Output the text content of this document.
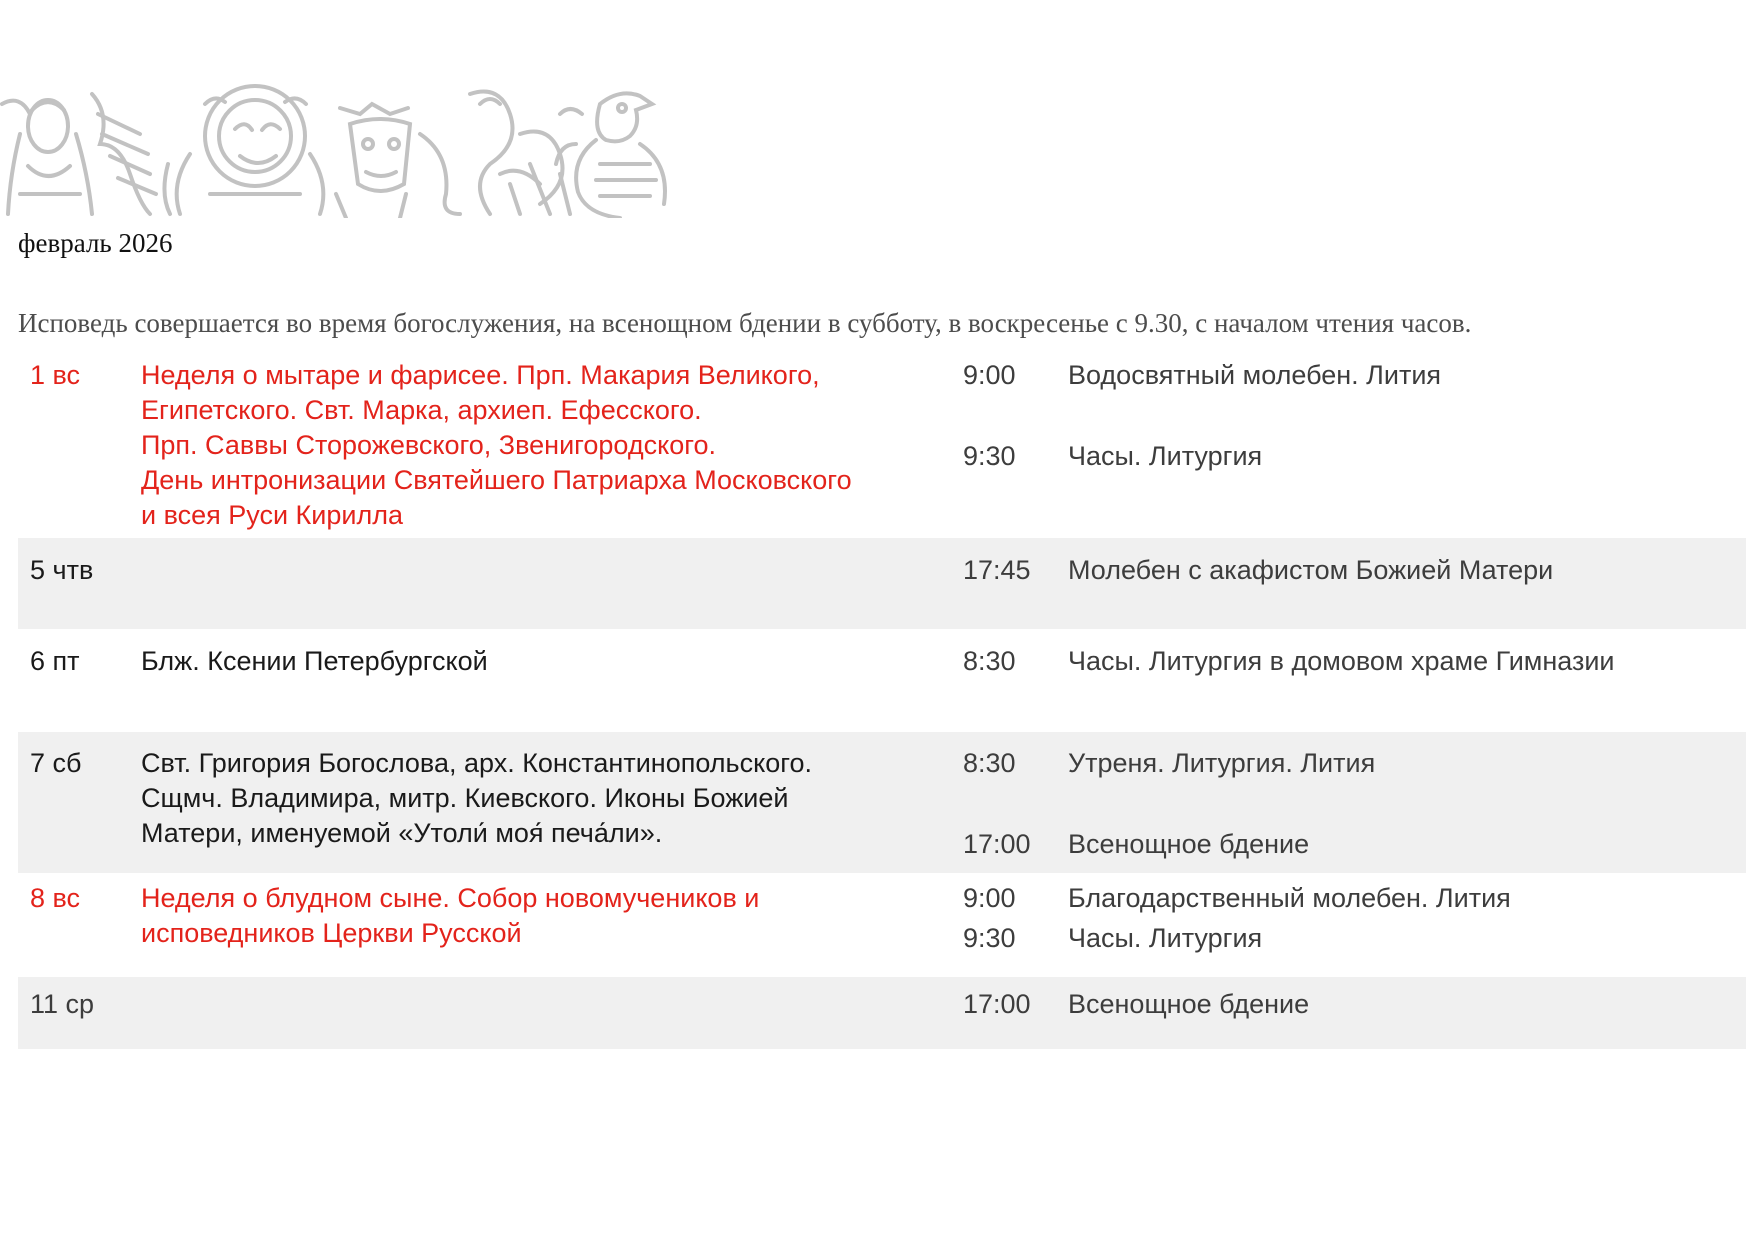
февраль 2026
Исповедь совершается во время богослужения, на всенощном бдении в субботу, в воскресенье с 9.30, с началом чтения часов.
1 вс Неделя о мытаре и фарисее. Прп. Макария Великого,
Египетского. Свт. Марка, архиеп. Ефесского.
Прп. Саввы Сторожевского, Звенигородского.
День интронизации Святейшего Патриарха Московского
и всея Руси Кирилла
9:00 Водосвятный молебен. Лития
9:30 Часы. Литургия
5 чтв	17:45 Молебен с акафистом Божией Матери
6 пт Блж. Ксении Петербургской	8:30 Часы. Литургия в домовом храме Гимназии
7 сб Свт. Григория Богослова, арх. Константинопольского.
Сщмч. Владимира, митр. Киевского. Иконы Божией
Матери, именуемой «Утоли́ моя́ печа́ли».
8:30 Утреня. Литургия. Лития
17:00 Всенощное бдение
8 вс Неделя о блудном сыне. Собор новомучеников и
исповедников Церкви Русской
9:00 Благодарственный молебен. Лития
9:30 Часы. Литургия
11 ср	17:00 Всенощное бдение
